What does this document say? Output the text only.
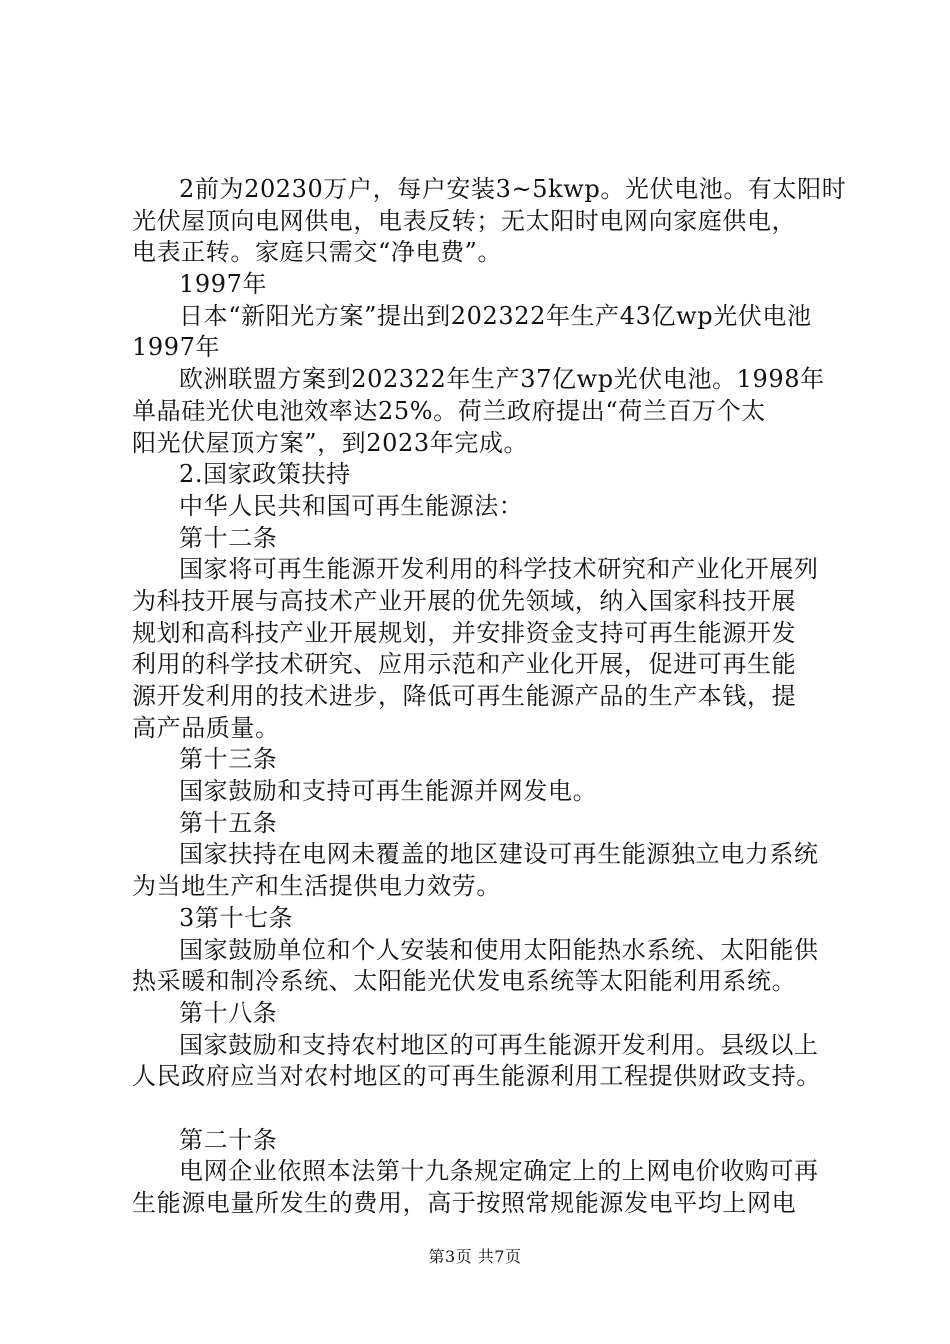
2前为20230万户，每户安装3~5kwp。光伏电池。有太阳时
光伏屋顶向电网供电，电表反转；无太阳时电网向家庭供电，
电表正转。家庭只需交“净电费”。
1997年
日本“新阳光方案”提出到202322年生产43亿wp光伏电池
1997年
欧洲联盟方案到202322年生产37亿wp光伏电池。1998年
单晶硅光伏电池效率达25%。荷兰政府提出“荷兰百万个太
阳光伏屋顶方案”，到2023年完成。
2.国家政策扶持
中华人民共和国可再生能源法：
第十二条
国家将可再生能源开发利用的科学技术研究和产业化开展列
为科技开展与高技术产业开展的优先领域，纳入国家科技开展
规划和高科技产业开展规划，并安排资金支持可再生能源开发
利用的科学技术研究、应用示范和产业化开展，促进可再生能
源开发利用的技术进步，降低可再生能源产品的生产本钱，提
高产品质量。
第十三条
国家鼓励和支持可再生能源并网发电。
第十五条
国家扶持在电网未覆盖的地区建设可再生能源独立电力系统
为当地生产和生活提供电力效劳。
3第十七条
国家鼓励单位和个人安装和使用太阳能热水系统、太阳能供
热采暖和制冷系统、太阳能光伏发电系统等太阳能利用系统。
第十八条
国家鼓励和支持农村地区的可再生能源开发利用。县级以上
人民政府应当对农村地区的可再生能源利用工程提供财政支持。
第二十条
电网企业依照本法第十九条规定确定上的上网电价收购可再
生能源电量所发生的费用，高于按照常规能源发电平均上网电
第3页 共7页
